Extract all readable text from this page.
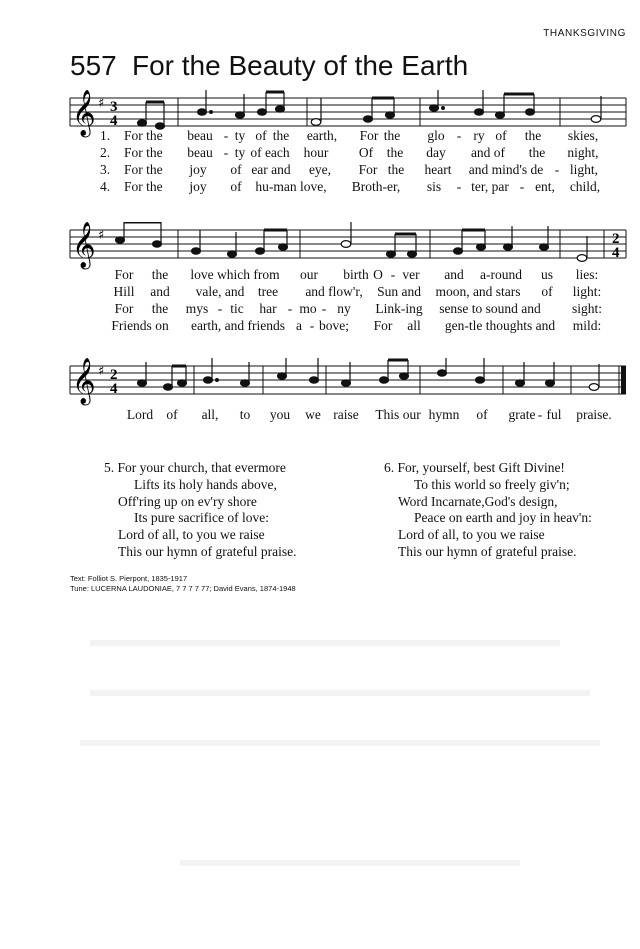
THANKSGIVING
557 For the Beauty of the Earth
𝄞 ♯ 3
4
1.
2.
3.
4.
For the beau - ty of the earth, For the glo - ry of the skies,
For the beau - ty of each hour Of the day and of the night,
For the joy of ear and eye, For the heart and mind's de - light,
For the joy of hu-man love, Broth-er, sis - ter, par - ent, child,
𝄞 ♯	2
4
For the love which from our birth O - ver and a-round us lies:
Hill and vale, and tree and flow'r, Sun and moon, and stars of light:
For the mys - tic har - mo - ny Link-ing sense to sound and sight:
Friends on earth, and friends a - bove; For all gen-tle thoughts and mild:
𝄞 ♯ 2
4
Lord of all, to you we raise This our hymn of grate - ful praise.
5. For your church, that evermore
Lifts its holy hands above,
Off'ring up on ev'ry shore
Its pure sacrifice of love:
Lord of all, to you we raise
This our hymn of grateful praise.
6. For, yourself, best Gift Divine!
To this world so freely giv'n;
Word Incarnate,God's design,
Peace on earth and joy in heav'n:
Lord of all, to you we raise
This our hymn of grateful praise.
Text: Folliot S. Pierpont, 1835-1917
Tune: LUCERNA LAUDONIAE, 7 7 7 7 77; David Evans, 1874-1948
